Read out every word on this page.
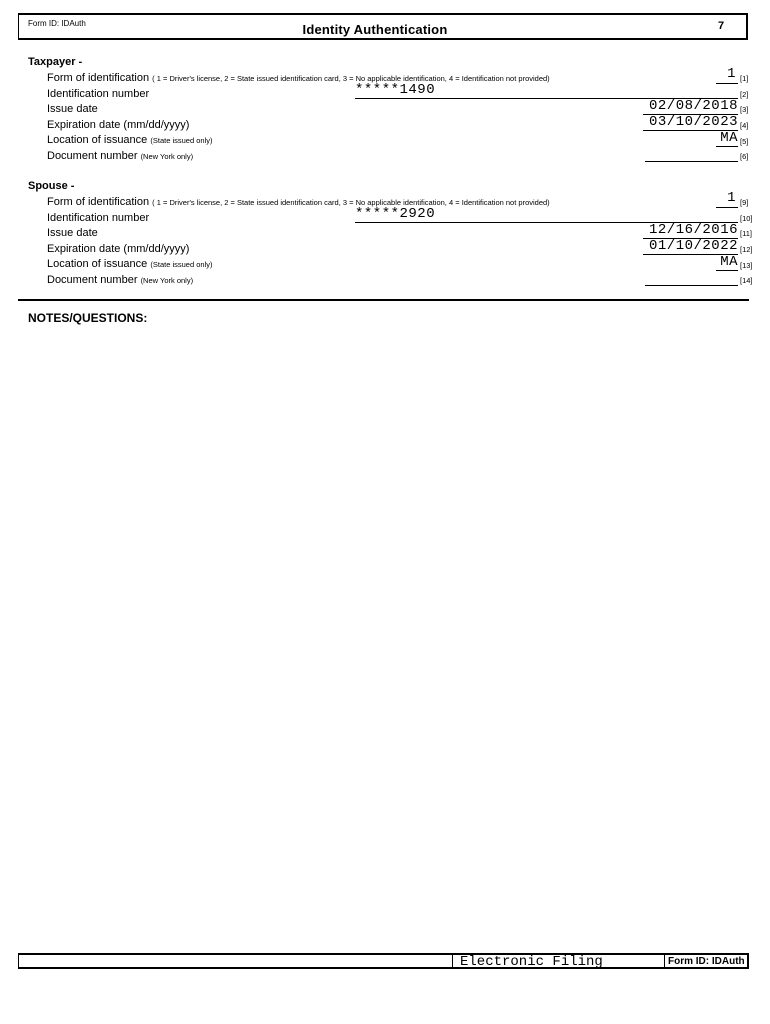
Form ID: IDAuth	Identity Authentication	7
Taxpayer -
Form of identification ( 1 = Driver's license, 2 = State issued identification card, 3 = No applicable identification, 4 = Identification not provided)	1 [1]
Identification number	*****1490	[2]
Issue date	02/08/2018 [3]
Expiration date (mm/dd/yyyy)	03/10/2023 [4]
Location of issuance (State issued only)	MA [5]
Document number (New York only)	[6]
Spouse -
Form of identification ( 1 = Driver's license, 2 = State issued identification card, 3 = No applicable identification, 4 = Identification not provided)	1 [9]
Identification number	*****2920	[10]
Issue date	12/16/2016 [11]
Expiration date (mm/dd/yyyy)	01/10/2022 [12]
Location of issuance (State issued only)	MA [13]
Document number (New York only)	[14]
NOTES/QUESTIONS:
Electronic Filing	Form ID: IDAuth
